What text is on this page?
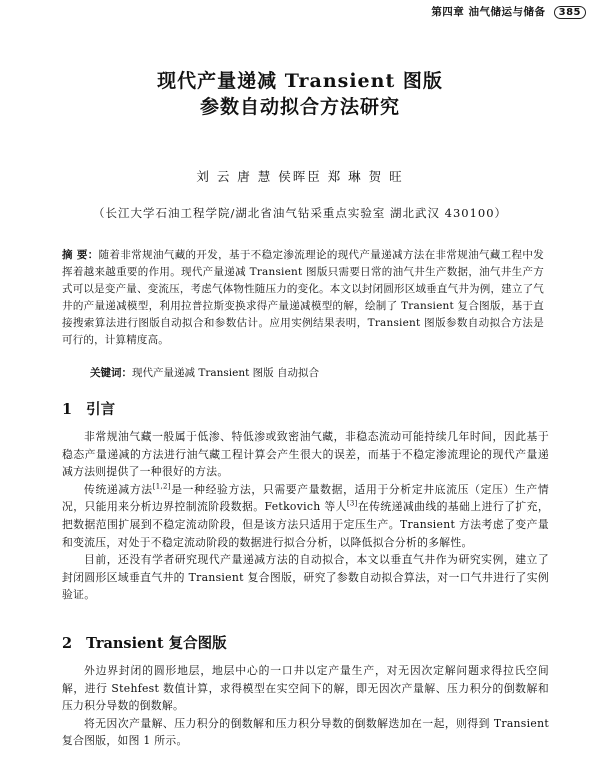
第四章 油气储运与储备 385
现代产量递减 Transient 图版
参数自动拟合方法研究
刘 云 唐 慧 侯晖臣 郑 琳 贺 旺
（长江大学石油工程学院/湖北省油气钻采重点实验室 湖北武汉 430100）
摘 要：随着非常规油气藏的开发，基于不稳定渗流理论的现代产量递减方法在非常规油气藏工程中发挥着越来越重要的作用。现代产量递减 Transient 图版只需要日常的油气井生产数据，油气井生产方式可以是变产量、变流压，考虑气体物性随压力的变化。本文以封闭圆形区域垂直气井为例，建立了气井的产量递减模型，利用拉普拉斯变换求得产量递减模型的解，绘制了 Transient 复合图版，基于直接搜索算法进行图版自动拟合和参数估计。应用实例结果表明，Transient 图版参数自动拟合方法是可行的，计算精度高。
关键词：现代产量递减 Transient 图版 自动拟合
1 引言

非常规油气藏一般属于低渗、特低渗或致密油气藏，非稳态流动可能持续几年时间，因此基于稳态产量递减的方法进行油气藏工程计算会产生很大的误差，而基于不稳定渗流理论的现代产量递减方法则提供了一种很好的方法。

传统递减方法[1,2]是一种经验方法，只需要产量数据，适用于分析定井底流压（定压）生产情况，只能用来分析边界控制流阶段数据。Fetkovich 等人[3]在传统递减曲线的基础上进行了扩充，把数据范围扩展到不稳定流动阶段，但是该方法只适用于定压生产。Transient 方法考虑了变产量和变流压，对处于不稳定流动阶段的数据进行拟合分析，以降低拟合分析的多解性。

目前，还没有学者研究现代产量递减方法的自动拟合，本文以垂直气井作为研究实例，建立了封闭圆形区域垂直气井的 Transient 复合图版，研究了参数自动拟合算法，对一口气井进行了实例验证。

2 Transient 复合图版

外边界封闭的圆形地层，地层中心的一口井以定产量生产，对无因次定解问题求得拉氏空间解，进行 Stehfest 数值计算，求得模型在实空间下的解，即无因次产量解、压力积分的倒数解和压力积分导数的倒数解。

将无因次产量解、压力积分的倒数解和压力积分导数的倒数解迭加在一起，则得到 Transient 复合图版，如图 1 所示。
